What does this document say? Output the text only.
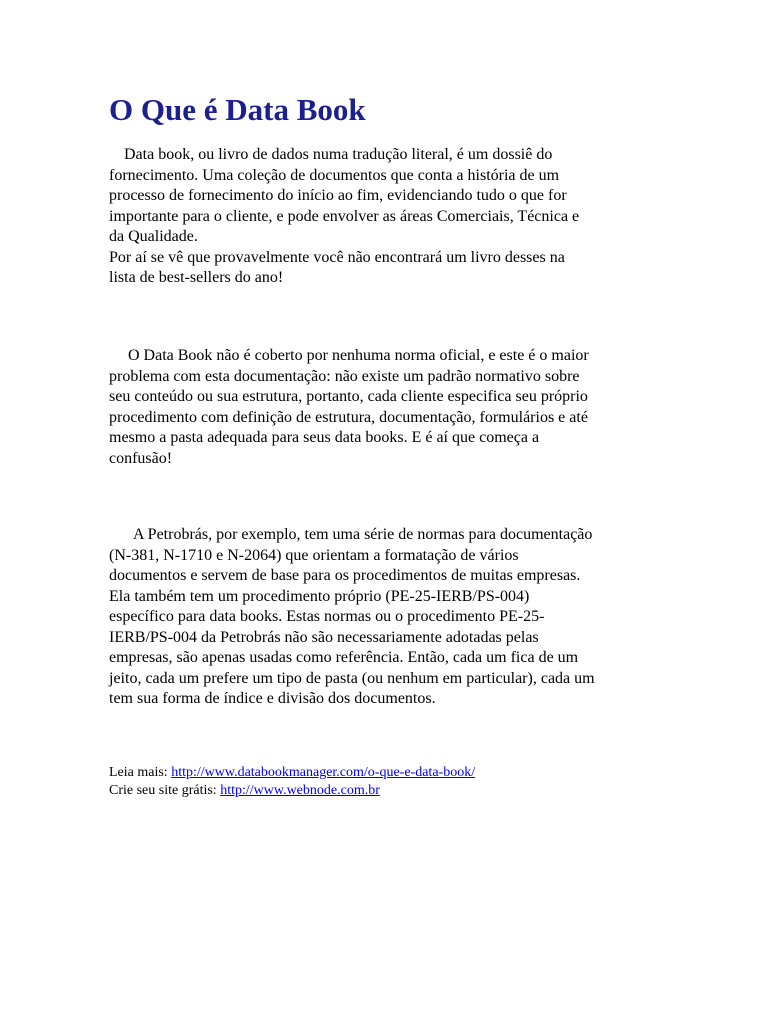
O Que é Data Book
Data book, ou livro de dados numa tradução literal, é um dossiê do
fornecimento. Uma coleção de documentos que conta a história de um
processo de fornecimento do início ao fim, evidenciando tudo o que for
importante para o cliente, e pode envolver as áreas Comerciais, Técnica e
da Qualidade.
Por aí se vê que provavelmente você não encontrará um livro desses na
lista de best-sellers do ano!
O Data Book não é coberto por nenhuma norma oficial, e este é o maior
problema com esta documentação: não existe um padrão normativo sobre
seu conteúdo ou sua estrutura, portanto, cada cliente especifica seu próprio
procedimento com definição de estrutura, documentação, formulários e até
mesmo a pasta adequada para seus data books. E é aí que começa a
confusão!
A Petrobrás, por exemplo, tem uma série de normas para documentação
(N-381, N-1710 e N-2064) que orientam a formatação de vários
documentos e servem de base para os procedimentos de muitas empresas.
Ela também tem um procedimento próprio (PE-25-IERB/PS-004)
específico para data books. Estas normas ou o procedimento PE-25-
IERB/PS-004 da Petrobrás não são necessariamente adotadas pelas
empresas, são apenas usadas como referência. Então, cada um fica de um
jeito, cada um prefere um tipo de pasta (ou nenhum em particular), cada um
tem sua forma de índice e divisão dos documentos.
Leia mais: http://www.databookmanager.com/o-que-e-data-book/
Crie seu site grátis: http://www.webnode.com.br
